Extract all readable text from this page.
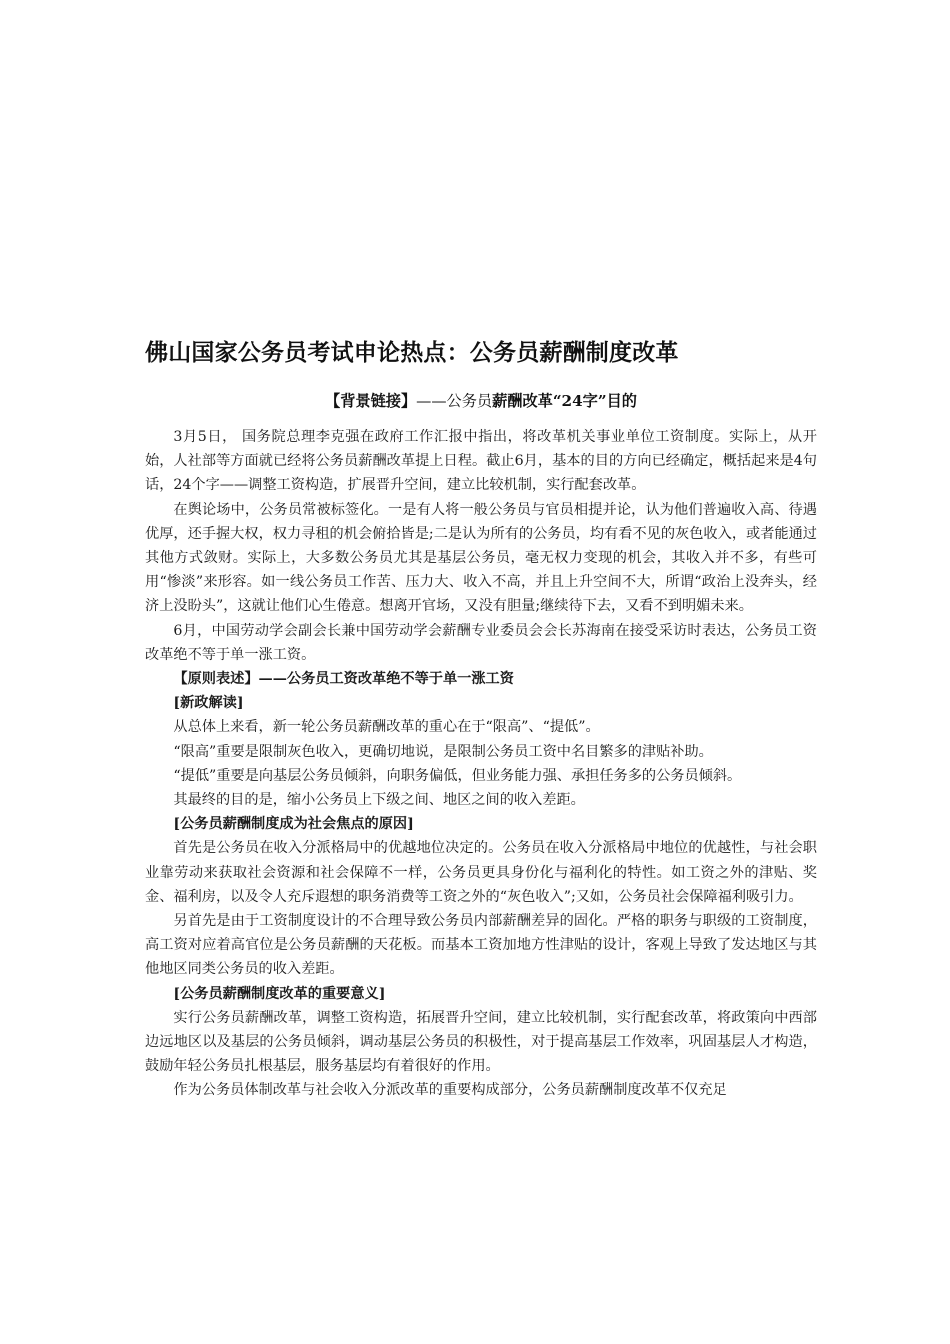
佛山国家公务员考试申论热点：公务员薪酬制度改革
【背景链接】——公务员薪酬改革“24字”目的

3月5日， 国务院总理李克强在政府工作汇报中指出，将改革机关事业单位工资制度。实际上，从开始，人社部等方面就已经将公务员薪酬改革提上日程。截止6月，基本的目的方向已经确定，概括起来是4句话，24个字——调整工资构造，扩展晋升空间，建立比较机制，实行配套改革。

在舆论场中，公务员常被标签化。一是有人将一般公务员与官员相提并论，认为他们普遍收入高、待遇优厚，还手握大权，权力寻租的机会俯拾皆是;二是认为所有的公务员，均有看不见的灰色收入，或者能通过其他方式敛财。实际上，大多数公务员尤其是基层公务员，毫无权力变现的机会，其收入并不多，有些可用“惨淡”来形容。如一线公务员工作苦、压力大、收入不高，并且上升空间不大，所谓“政治上没奔头，经济上没盼头”，这就让他们心生倦意。想离开官场，又没有胆量;继续待下去，又看不到明媚未来。

6月，中国劳动学会副会长兼中国劳动学会薪酬专业委员会会长苏海南在接受采访时表达，公务员工资改革绝不等于单一涨工资。

【原则表述】——公务员工资改革绝不等于单一涨工资

[新政解读]

从总体上来看，新一轮公务员薪酬改革的重心在于“限高”、“提低”。

“限高”重要是限制灰色收入，更确切地说，是限制公务员工资中名目繁多的津贴补助。

“提低”重要是向基层公务员倾斜，向职务偏低，但业务能力强、承担任务多的公务员倾斜。

其最终的目的是，缩小公务员上下级之间、地区之间的收入差距。

[公务员薪酬制度成为社会焦点的原因]

首先是公务员在收入分派格局中的优越地位决定的。公务员在收入分派格局中地位的优越性，与社会职业靠劳动来获取社会资源和社会保障不一样，公务员更具身份化与福利化的特性。如工资之外的津贴、奖金、福利房，以及令人充斥遐想的职务消费等工资之外的“灰色收入”;又如，公务员社会保障福利吸引力。

另首先是由于工资制度设计的不合理导致公务员内部薪酬差异的固化。严格的职务与职级的工资制度，高工资对应着高官位是公务员薪酬的天花板。而基本工资加地方性津贴的设计，客观上导致了发达地区与其他地区同类公务员的收入差距。

[公务员薪酬制度改革的重要意义]

实行公务员薪酬改革，调整工资构造，拓展晋升空间，建立比较机制，实行配套改革，将政策向中西部边远地区以及基层的公务员倾斜，调动基层公务员的积极性，对于提高基层工作效率，巩固基层人才构造，鼓励年轻公务员扎根基层，服务基层均有着很好的作用。

作为公务员体制改革与社会收入分派改革的重要构成部分，公务员薪酬制度改革不仅充足
